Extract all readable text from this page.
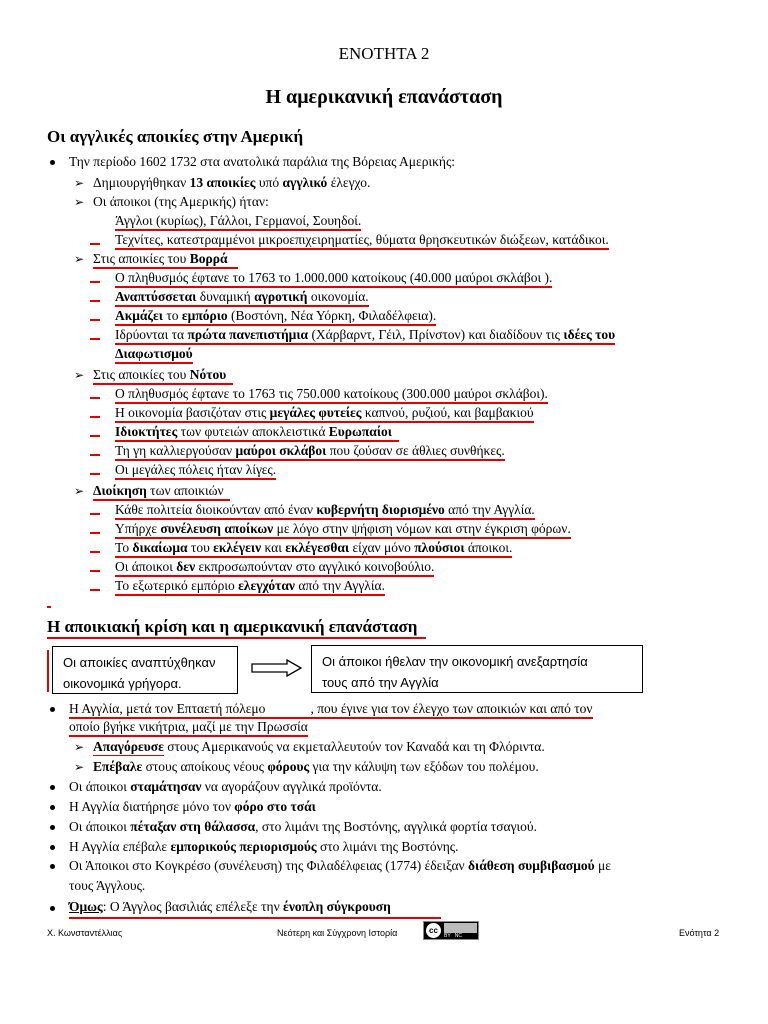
ΕΝΟΤΗΤΑ 2
Η αμερικανική επανάσταση
Οι αγγλικές αποικίες στην Αμερική
Την περίοδο 1602 1732 στα ανατολικά παράλια της Βόρειας Αμερικής:
➢ Δημιουργήθηκαν 13 αποικίες υπό αγγλικό έλεγχο.
➢ Οι άποικοι (της Αμερικής) ήταν:
Άγγλοι (κυρίως), Γάλλοι, Γερμανοί, Σουηδοί.
Τεχνίτες, κατεστραμμένοι μικροεπιχειρηματίες, θύματα θρησκευτικών διώξεων, κατάδικοι.
➢ Στις αποικίες του Βορρά
Ο πληθυσμός έφτανε το 1763 το 1.000.000 κατοίκους (40.000 μαύροι σκλάβοι ).
Αναπτύσσεται δυναμική αγροτική οικονομία.
Ακμάζει το εμπόριο (Βοστόνη, Νέα Υόρκη, Φιλαδέλφεια).
Ιδρύονται τα πρώτα πανεπιστήμια (Χάρβαρντ, Γέιλ, Πρίνστον) και διαδίδουν τις ιδέες του
Διαφωτισμού
➢ Στις αποικίες του Νότου
Ο πληθυσμός έφτανε το 1763 τις 750.000 κατοίκους (300.000 μαύροι σκλάβοι).
Η οικονομία βασιζόταν στις μεγάλες φυτείες καπνού, ρυζιού, και βαμβακιού
Ιδιοκτήτες των φυτειών αποκλειστικά Ευρωπαίοι
Τη γη καλλιεργούσαν μαύροι σκλάβοι που ζούσαν σε άθλιες συνθήκες.
Οι μεγάλες πόλεις ήταν λίγες.
➢ Διοίκηση των αποικιών
Κάθε πολιτεία διοικούνταν από έναν κυβερνήτη διορισμένο από την Αγγλία.
Υπήρχε συνέλευση αποίκων με λόγο στην ψήφιση νόμων και στην έγκριση φόρων.
Το δικαίωμα του εκλέγειν και εκλέγεσθαι είχαν μόνο πλούσιοι άποικοι.
Οι άποικοι δεν εκπροσωπούνταν στο αγγλικό κοινοβούλιο.
Το εξωτερικό εμπόριο ελεγχόταν από την Αγγλία.
Η αποικιακή κρίση και η αμερικανική επανάσταση
Οι αποικίες αναπτύχθηκαν
οικονομικά γρήγορα.
Οι άποικοι ήθελαν την οικονομική ανεξαρτησία
τους από την Αγγλία
Η Αγγλία, μετά τον Επταετή πόλεμο	, που έγινε για τον έλεγχο των αποικιών και από τον
οποίο βγήκε νικήτρια, μαζί με την Πρωσσία
➢ Απαγόρευσε στους Αμερικανούς να εκμεταλλευτούν τον Καναδά και τη Φλόριντα.
➢ Επέβαλε στους αποίκους νέους φόρους για την κάλυψη των εξόδων του πολέμου.
Οι άποικοι σταμάτησαν να αγοράζουν αγγλικά προϊόντα.
Η Αγγλία διατήρησε μόνο τον φόρο στο τσάι
Οι άποικοι πέταξαν στη θάλασσα, στο λιμάνι της Βοστόνης, αγγλικά φορτία τσαγιού.
Η Αγγλία επέβαλε εμπορικούς περιορισμούς στο λιμάνι της Βοστόνης.
Οι Άποικοι στο Κογκρέσο (συνέλευση) της Φιλαδέλφειας (1774) έδειξαν διάθεση συμβιβασμού με
τους Άγγλους.
Όμως: Ο Άγγλος βασιλιάς επέλεξε την ένοπλη σύγκρουση
Χ. Κωνσταντέλλιας	Νεότερη και Σύγχρονη Ιστορία	cc
BY   NC	Ενότητα 2
